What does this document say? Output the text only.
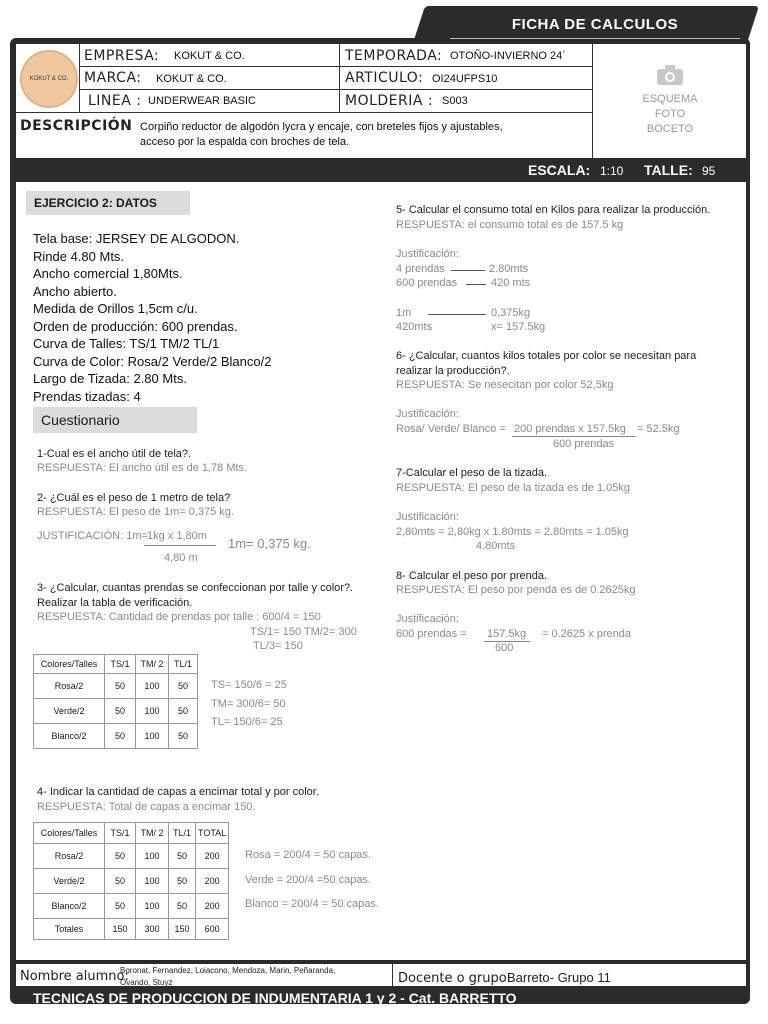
FICHA DE CALCULOS
KOKUT & CO.
EMPRESA: KOKUT & CO.
MARCA: KOKUT & CO.
LINEA : UNDERWEAR BASIC
TEMPORADA: OTOÑO-INVIERNO 24´
ARTICULO: OI24UFPS10
MOLDERIA : S003
DESCRIPCIÓN Corpiño reductor de algodón lycra y encaje, con breteles fijos y ajustables,
acceso por la espalda con broches de tela.
ESQUEMA
FOTO
BOCETO
ESCALA: 1:10 TALLE: 95
EJERCICIO 2: DATOS
Tela base: JERSEY DE ALGODON.
Rinde 4.80 Mts.
Ancho comercial 1,80Mts.
Ancho abierto.
Medida de Orillos 1,5cm c/u.
Orden de producción: 600 prendas.
Curva de Talles: TS/1 TM/2 TL/1
Curva de Color: Rosa/2 Verde/2 Blanco/2
Largo de Tizada: 2.80 Mts.
Prendas tizadas: 4
Cuestionario
1-Cual es el ancho útil de tela?.
RESPUESTA: El ancho útil es de 1,78 Mts.
2- ¿Cuál es el peso de 1 metro de tela?
RESPUESTA: El peso de 1m= 0,375 kg.
JUSTIFICACIÓN: 1m= 1kg x 1,80m
4,80 m
1m= 0,375 kg.
3- ¿Calcular, cuantas prendas se confeccionan por talle y color?.
Realizar la tabla de verificación.
RESPUESTA: Cantidad de prendas por talle : 600/4 = 150
TS/1= 150 TM/2= 300
TL/3= 150
Colores/Talles	TS/1	TM/ 2	TL/1
Rosa/2	50	100	50
Verde/2	50	100	50
Blanco/2	50	100	50
TS= 150/6 = 25
TM= 300/6= 50
TL= 150/6= 25
4- Indicar la cantidad de capas a encimar total y por color.
RESPUESTA: Total de capas a encimar 150.
Colores/Talles	TS/1	TM/ 2	TL/1	TOTAL
Rosa/2	50	100	50	200
Verde/2	50	100	50	200
Blanco/2	50	100	50	200
Totales	150	300	150	600
Rosa = 200/4 = 50 capas.
Verde = 200/4 =50 capas.
Blanco = 200/4 = 50 capas.
5- Calcular el consumo total en Kilos para realizar la producción.
RESPUESTA: el consumo total es de 157.5 kg
Justificación:
4 prendas	2.80mts
600 prendas	420 mts
1m	0,375kg
420mts	x= 157.5kg
6- ¿Calcular, cuantos kilos totales por color se necesitan para
realizar la producción?.
RESPUESTA: Se nesecitan por color 52,5kg
Justificación:
Rosa/ Verde/ Blanco = 200 prendas x 157.5kg = 52.5kg
600 prendas
7-Calcular el peso de la tizada.
RESPUESTA: El peso de la tizada es de 1.05kg
Justificación:
2,80mts = 2,80kg x 1.80mts = 2.80mts = 1.05kg
4.80mts
8- Calcular el peso por prenda.
RESPUESTA: El peso por penda es de 0.2625kg
Justificación:
600 prendas = 157.5kg = 0.2625 x prenda
600
Nombre alumno:
Boronat, Fernandez, Loiacono, Mendoza, Marin, Peñaranda,
Ovando, Stuyz	Docente o grupo:
Barreto- Grupo 11
TECNICAS DE PRODUCCION DE INDUMENTARIA 1 y 2 - Cat. BARRETTO
